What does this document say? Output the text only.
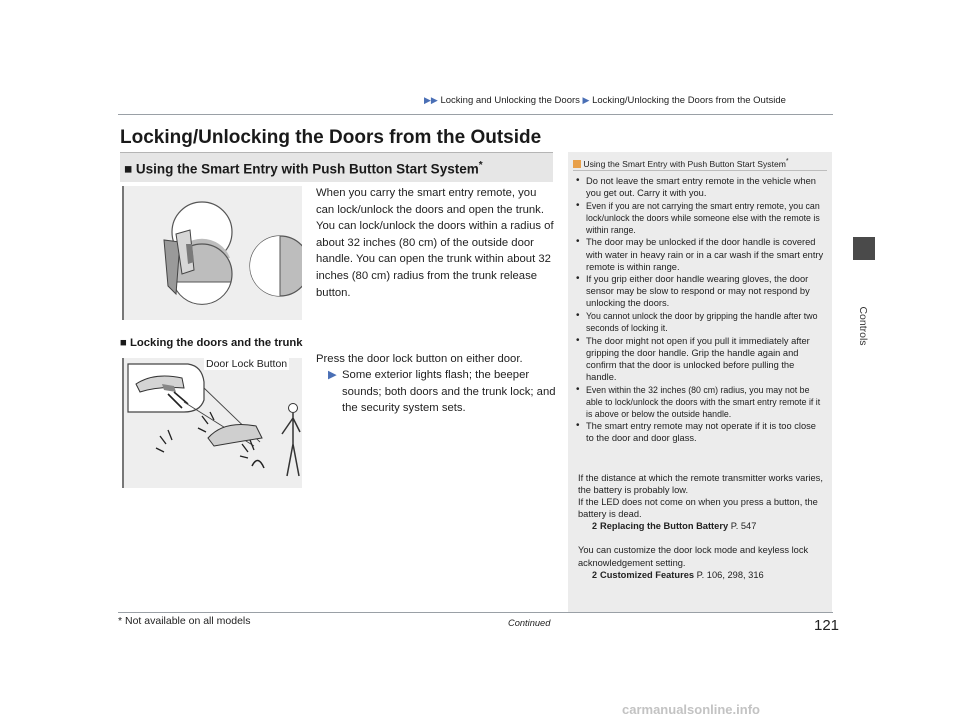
▶▶ Locking and Unlocking the Doors ▶ Locking/Unlocking the Doors from the Outside
Controls
Locking/Unlocking the Doors from the Outside
■ Using the Smart Entry with Push Button Start System*
When you carry the smart entry remote, you can lock/unlock the doors and open the trunk. You can lock/unlock the doors within a radius of about 32 inches (80 cm) of the outside door handle. You can open the trunk within about 32 inches (80 cm) radius from the trunk release button.
■ Locking the doors and the trunk
Door Lock Button	Press the door lock button on either door.
▶ Some exterior lights flash; the beeper sounds; both doors and the trunk lock; and the security system sets.
Using the Smart Entry with Push Button Start System*
• Do not leave the smart entry remote in the vehicle when you get out. Carry it with you.
• Even if you are not carrying the smart entry remote, you can lock/unlock the doors while someone else with the remote is within range.
• The door may be unlocked if the door handle is covered with water in heavy rain or in a car wash if the smart entry remote is within range.
• If you grip either door handle wearing gloves, the door sensor may be slow to respond or may not respond by unlocking the doors.
• You cannot unlock the door by gripping the handle after two seconds of locking it.
• The door might not open if you pull it immediately after gripping the door handle. Grip the handle again and confirm that the door is unlocked before pulling the handle.
• Even within the 32 inches (80 cm) radius, you may not be able to lock/unlock the doors with the smart entry remote if it is above or below the outside handle.
• The smart entry remote may not operate if it is too close to the door and door glass.

If the distance at which the remote transmitter works varies, the battery is probably low.

If the LED does not come on when you press a button, the battery is dead.

2 Replacing the Button Battery P. 547

You can customize the door lock mode and keyless lock acknowledgement setting.

2 Customized Features P. 106, 298, 316

* Not available on all models	Continued	121
carmanualsonline.info
